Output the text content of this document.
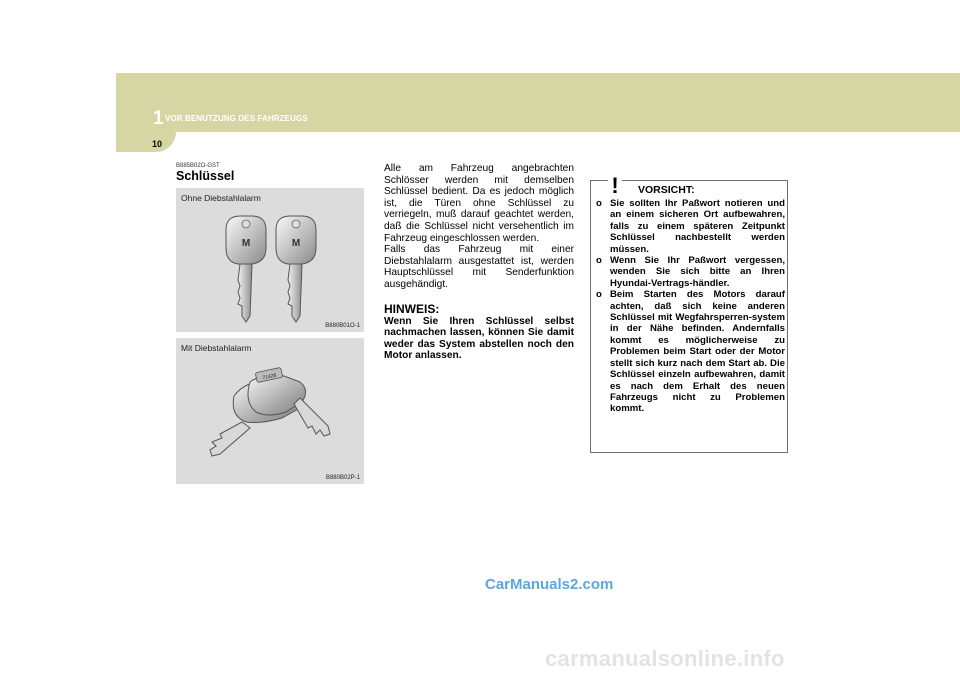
1 VOR BENUTZUNG DES FAHRZEUGS
10
B885B02O-GST
Schlüssel
M	M
Ohne Diebstahlalarm
B880B01O-1
71428
Mit Diebstahlalarm
B880B02P-1

Alle am Fahrzeug angebrachten Schlösser werden mit demselben Schlüssel bedient. Da es jedoch möglich ist, die Türen ohne Schlüssel zu verriegeln, muß darauf geachtet werden, daß die Schlüssel nicht versehentlich im Fahrzeug eingeschlossen werden.

Falls das Fahrzeug mit einer Diebstahlalarm ausgestattet ist, werden Hauptschlüssel mit Senderfunktion ausgehändigt.

HINWEIS:

Wenn Sie Ihren Schlüssel selbst nachmachen lassen, können Sie damit weder das System abstellen noch den Motor anlassen.

! VORSICHT:
o Sie sollten Ihr Paßwort notieren und an einem sicheren Ort aufbewahren, falls zu einem späteren Zeitpunkt Schlüssel nachbestellt werden müssen.
o Wenn Sie Ihr Paßwort vergessen, wenden Sie sich bitte an Ihren Hyundai-Vertrags-händler.
o Beim Starten des Motors darauf achten, daß sich keine anderen Schlüssel mit Wegfahrsperren-system in der Nähe befinden. Andernfalls kommt es möglicherweise zu Problemen beim Start oder der Motor stellt sich kurz nach dem Start ab. Die Schlüssel einzeln aufbewahren, damit es nach dem Erhalt des neuen Fahrzeugs nicht zu Problemen kommt.
CarManuals2.com
carmanualsonline.info
